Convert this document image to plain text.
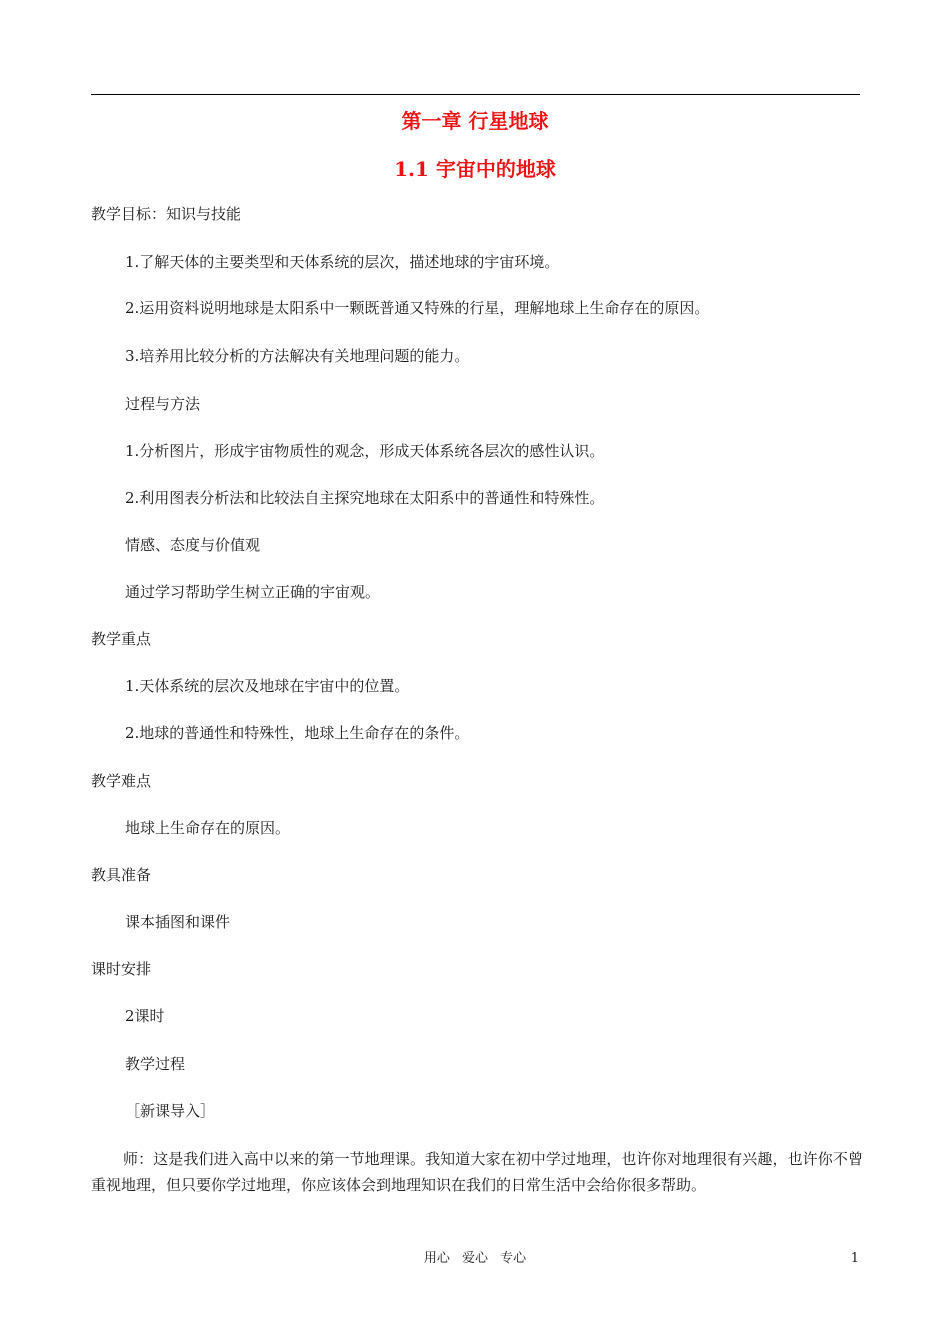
第一章 行星地球
1.1 宇宙中的地球
教学目标：知识与技能
1.了解天体的主要类型和天体系统的层次，描述地球的宇宙环境。
2.运用资料说明地球是太阳系中一颗既普通又特殊的行星，理解地球上生命存在的原因。
3.培养用比较分析的方法解决有关地理问题的能力。
过程与方法
1.分析图片，形成宇宙物质性的观念，形成天体系统各层次的感性认识。
2.利用图表分析法和比较法自主探究地球在太阳系中的普通性和特殊性。
情感、态度与价值观
通过学习帮助学生树立正确的宇宙观。
教学重点
1.天体系统的层次及地球在宇宙中的位置。
2.地球的普通性和特殊性，地球上生命存在的条件。
教学难点
地球上生命存在的原因。
教具准备
课本插图和课件
课时安排
2课时
教学过程
［新课导入］
师：这是我们进入高中以来的第一节地理课。我知道大家在初中学过地理，也许你对地理很有兴趣，也许你不曾重视地理，但只要你学过地理，你应该体会到地理知识在我们的日常生活中会给你很多帮助。
用心 爱心 专心	1
